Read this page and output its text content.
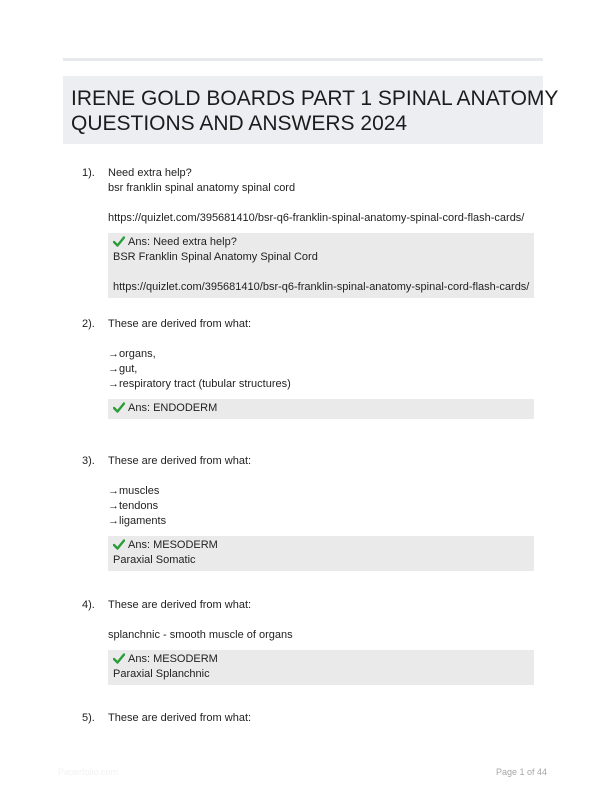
IRENE GOLD BOARDS PART 1 SPINAL ANATOMY
QUESTIONS AND ANSWERS 2024
1). Need extra help?
bsr franklin spinal anatomy spinal cord
https://quizlet.com/395681410/bsr-q6-franklin-spinal-anatomy-spinal-cord-flash-cards/
Ans: Need extra help?
BSR Franklin Spinal Anatomy Spinal Cord
https://quizlet.com/395681410/bsr-q6-franklin-spinal-anatomy-spinal-cord-flash-cards/
2). These are derived from what:
→organs,
→gut,
→respiratory tract (tubular structures)
Ans: ENDODERM
3). These are derived from what:
→muscles
→tendons
→ligaments
Ans: MESODERM
Paraxial Somatic
4). These are derived from what:
splanchnic - smooth muscle of organs
Ans: MESODERM
Paraxial Splanchnic
5). These are derived from what:
Paperfolio.com	Page 1 of 44
